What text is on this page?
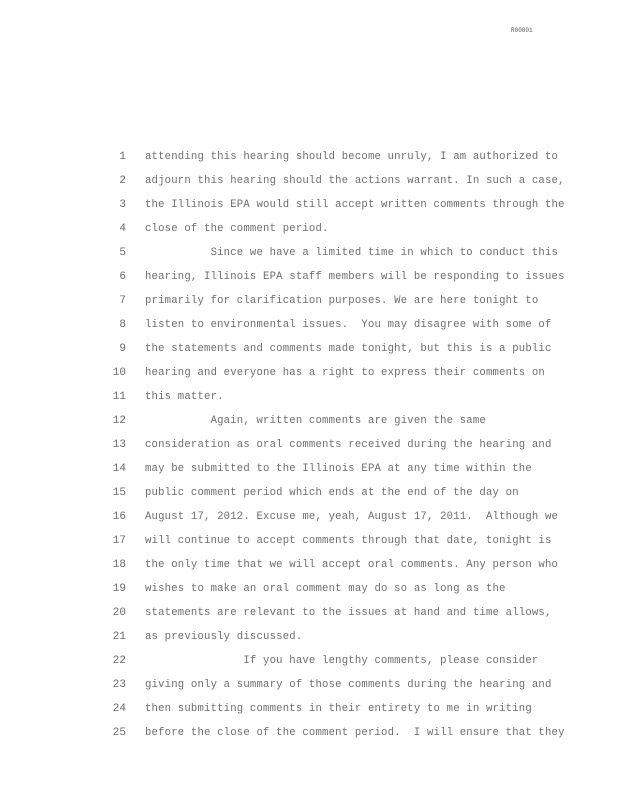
R00801
1 attending this hearing should become unruly, I am authorized to
2 adjourn this hearing should the actions warrant. In such a case,
3 the Illinois EPA would still accept written comments through the
4 close of the comment period.
5 Since we have a limited time in which to conduct this
6 hearing, Illinois EPA staff members will be responding to issues
7 primarily for clarification purposes. We are here tonight to
8 listen to environmental issues.  You may disagree with some of
9 the statements and comments made tonight, but this is a public
10 hearing and everyone has a right to express their comments on
11 this matter.
12 Again, written comments are given the same
13 consideration as oral comments received during the hearing and
14 may be submitted to the Illinois EPA at any time within the
15 public comment period which ends at the end of the day on
16 August 17, 2012. Excuse me, yeah, August 17, 2011.  Although we
17 will continue to accept comments through that date, tonight is
18 the only time that we will accept oral comments. Any person who
19 wishes to make an oral comment may do so as long as the
20 statements are relevant to the issues at hand and time allows,
21 as previously discussed.
22 If you have lengthy comments, please consider
23 giving only a summary of those comments during the hearing and
24 then submitting comments in their entirety to me in writing
25 before the close of the comment period.  I will ensure that they
